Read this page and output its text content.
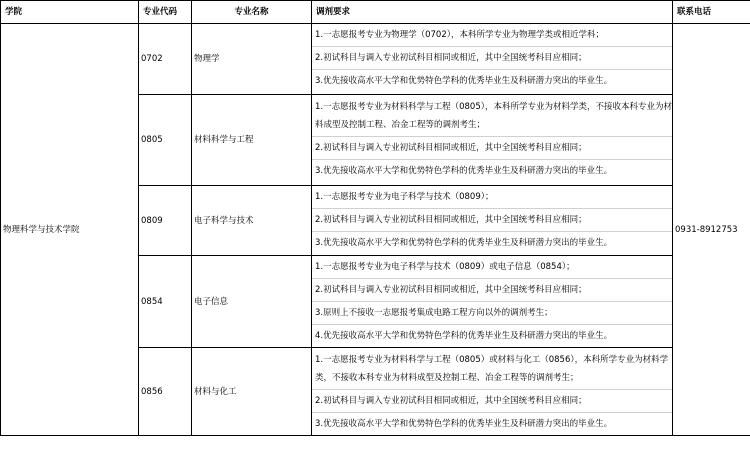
学院	专业代码	专业名称	调剂要求	联系电话
物理科学与技术学院	0702	物理学	1.一志愿报考专业为物理学（0702），本科所学专业为物理学类或相近学科；
2.初试科目与调入专业初试科目相同或相近，其中全国统考科目应相同；
3.优先接收高水平大学和优势特色学科的优秀毕业生及科研潜力突出的毕业生。	0931-8912753
	0805	材料科学与工程	1.一志愿报考专业为材料科学与工程（0805），本科所学专业为材料学类，不接收本科专业为材料成型及控制工程、冶金工程等的调剂考生；
2.初试科目与调入专业初试科目相同或相近，其中全国统考科目应相同；
3.优先接收高水平大学和优势特色学科的优秀毕业生及科研潜力突出的毕业生。	

	0809	电子科学与技术	1.一志愿报考专业为电子科学与技术（0809）；
2.初试科目与调入专业初试科目相同或相近，其中全国统考科目应相同；
3.优先接收高水平大学和优势特色学科的优秀毕业生及科研潜力突出的毕业生。	

	0854	电子信息	1.一志愿报考专业为电子科学与技术（0809）或电子信息（0854）；
2.初试科目与调入专业初试科目相同或相近，其中全国统考科目应相同；
3.原则上不接收一志愿报考集成电路工程方向以外的调剂考生；
4.优先接收高水平大学和优势特色学科的优秀毕业生及科研潜力突出的毕业生。	

	0856	材料与化工	1.一志愿报考专业为材料科学与工程（0805）或材料与化工（0856），本科所学专业为材料学类，不接收本科专业为材料成型及控制工程、冶金工程等的调剂考生；
2.初试科目与调入专业初试科目相同或相近，其中全国统考科目应相同；
3.优先接收高水平大学和优势特色学科的优秀毕业生及科研潜力突出的毕业生。	
